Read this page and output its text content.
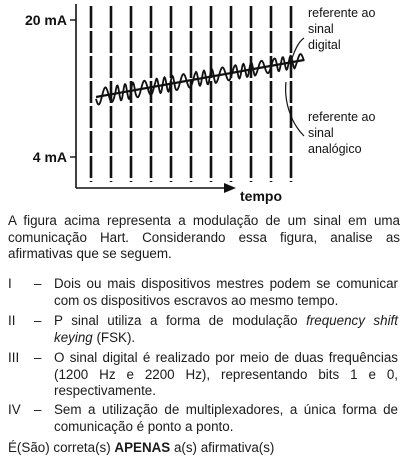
20 mA
4 mA
tempo
referente ao sinal digital
referente ao sinal analógico
A figura acima representa a modulação de um sinal em uma comunicação Hart. Considerando essa figura, analise as afirmativas que se seguem.
I – Dois ou mais dispositivos mestres podem se comunicar com os dispositivos escravos ao mesmo tempo.
II – P sinal utiliza a forma de modulação frequency shift keying (FSK).
III – O sinal digital é realizado por meio de duas frequências (1200 Hz e 2200 Hz), representando bits 1 e 0, respectivamente.
IV – Sem a utilização de multiplexadores, a única forma de comunicação é ponto a ponto.
É(São) correta(s) APENAS a(s) afirmativa(s)
